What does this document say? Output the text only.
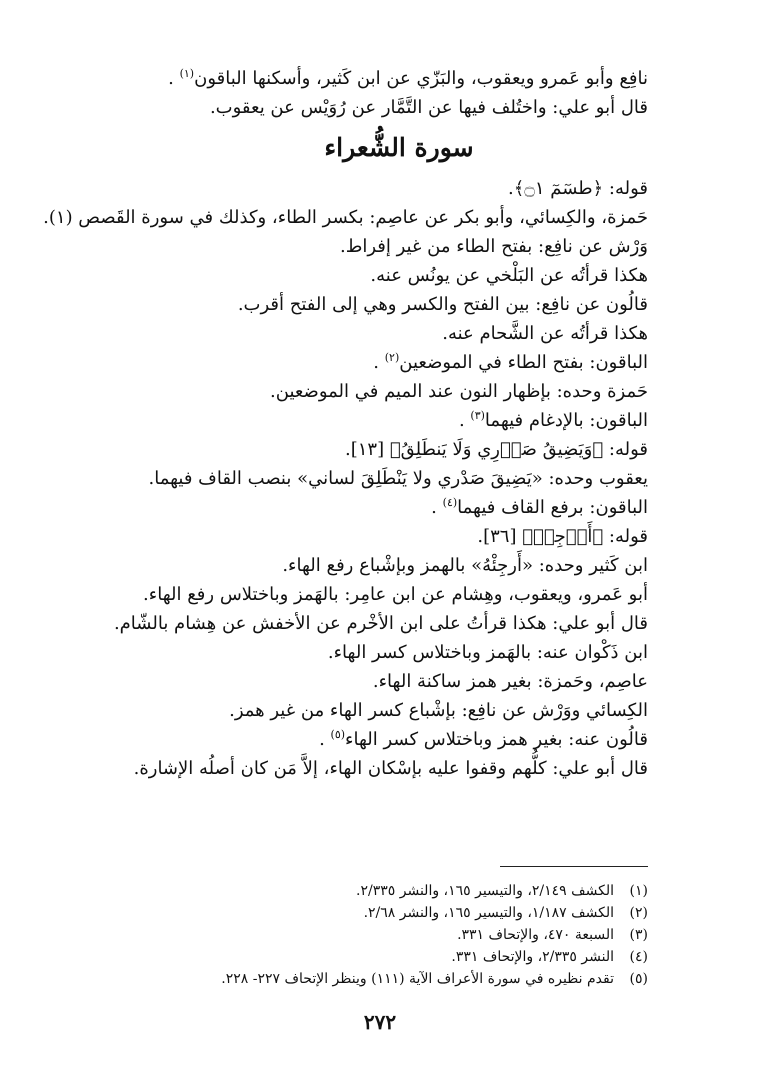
نافِع وأبو عَمرو ويعقوب، والبَزّي عن ابن كَثير، وأسكنها الباقون$^{(١)}$ .
قال أبو علي: واختُلف فيها عن التَّمَّار عن رُوَيْس عن يعقوب.
سورة الشُّعراء
قوله: ﴿طسٓمٓ ۝١﴾.
حَمزة، والكِسائي، وأبو بكر عن عاصِم: بكسر الطاء، وكذلك في سورة القَصص (١).
وَرْش عن نافِع: بفتح الطاء من غير إفراط.
هكذا قرأتُه عن البَلْخي عن يونُس عنه.
قالُون عن نافِع: بين الفتح والكسر وهي إلى الفتح أقرب.
هكذا قرأتُه عن الشَّحام عنه.
الباقون: بفتح الطاء في الموضعين$^{(٢)}$ .
حَمزة وحده: بإظهار النون عند الميم في الموضعين.
الباقون: بالإدغام فيهما$^{(٣)}$ .
قوله: ﴿وَيَضِيقُ صَدۡرِي وَلَا يَنطَلِقُ﴾ [١٣].
يعقوب وحده: «يَضِيقَ صَدْري ولا يَنْطَلِقَ لساني» بنصب القاف فيهما.
الباقون: برفع القاف فيهما$^{(٤)}$ .
قوله: ﴿أَرۡجِهۡ﴾ [٣٦].
ابن كَثير وحده: «أَرجِئْهُ» بالهمز وبإشْباع رفع الهاء.
أبو عَمرو، ويعقوب، وهِشام عن ابن عامِر: بالهَمز وباختلاس رفع الهاء.
قال أبو علي: هكذا قرأتُ على ابن الأخْرم عن الأخفش عن هِشام بالشّام.
ابن ذَكْوان عنه: بالهَمز وباختلاس كسر الهاء.
عاصِم، وحَمزة: بغير همز ساكنة الهاء.
الكِسائي ووَرْش عن نافِع: بإشْباع كسر الهاء من غير همز.
قالُون عنه: بغير همز وباختلاس كسر الهاء$^{(٥)}$ .
قال أبو علي: كلُّهم وقفوا عليه بإسْكان الهاء، إلاَّ مَن كان أصلُه الإشارة.
(١)الكشف ٢/١٤٩، والتيسير ١٦٥، والنشر ٢/٣٣٥.
(٢)الكشف ١/١٨٧، والتيسير ١٦٥، والنشر ٢/٦٨.
(٣)السبعة ٤٧٠، والإتحاف ٣٣١.
(٤)النشر ٢/٣٣٥، والإتحاف ٣٣١.
(٥)تقدم نظيره في سورة الأعراف الآية (١١١) وينظر الإتحاف ٢٢٧- ٢٢٨.
٢٧٢
